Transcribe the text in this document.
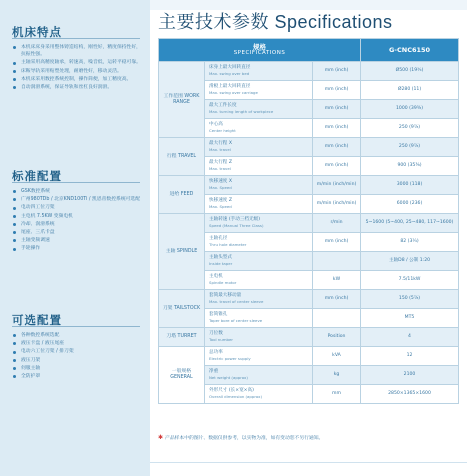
机床特点
本机床床身采用整体铸造结构，刚性好，精度保持性好，抗振性强。
主轴采用高精度轴承，转速高，噪音低，运转平稳可靠。
床鞍导轨采用贴塑处理，耐磨性好，移动灵活。
本机床采用数控系统控制，操作简便，加工精度高。
自动润滑系统，保证导轨和丝杠良好润滑。
标准配置
GSK数控系统
广州980TDb / 北京KND100Ti / 凯恩帝数控系统可选配
电动四工位刀架
主电机 7.5KW 变频电机
冷却、润滑系统
尾座、三爪卡盘
主轴变频调速
手轮操作
可选配置
各种数控系统选配
液压卡盘 / 液压尾座
电动六工位刀架 / 排刀架
液压刀架
伺服主轴
全防护罩
主要技术参数 Specifications
规格
SPECIFICATIONS			G-CNC6150
工作范围 WORK RANGE	床身上最大回转直径
Max. swing over bed	mm (inch)	Ø500 (19¾)
	滑板上最大回转直径
Max. swing over carriage	mm (inch)	Ø280 (11)
	最大工件长度
Max. turning length of workpiece	mm (inch)	1000 (39⅜)
	中心高
Center height	mm (inch)	250 (9⅞)
行程 TRAVEL	最大行程 X
Max. travel	mm (inch)	250 (9⅞)
	最大行程 Z
Max. travel	mm (inch)	900 (35⅜)
进给 FEED	快移速度 X
Max. Speed	m/min (inch/min)	3000 (118)
	快移速度 Z
Max. Speed	m/min (inch/min)	6000 (236)
主轴 SPINDLE	主轴转速 (手动三档无级)
Speed (Manual Three Class)	r/min	5~1600 (5~400, 25~480, 117~1600)
	主轴孔径
Thru hole diameter	mm (inch)	82 (3¼)
	主轴头型式
Inside taper		主轴D8 / 公制 1:20
	主电机
Spindle motor	kW	7.5/11kW
刀架 TAILSTOCK	套筒最大移动量
Max. travel of center sleeve	mm (inch)	150 (5⅞)
	套筒锥孔
Taper bore of center sleeve		MT5
刀塔 TURRET	刀位数
Tool number	Position	4
一般规格 GENERAL	总功率
Electric power supply	kVA	12
	净重
Net weight (approx)	kg	2100
	外形尺寸 (长×宽×高)
Overall dimension (approx)	mm	2850×1365×1600
✱ 产品样本中的图片、数据仅供参考，以实物为准，如有变动恕不另行通知。
